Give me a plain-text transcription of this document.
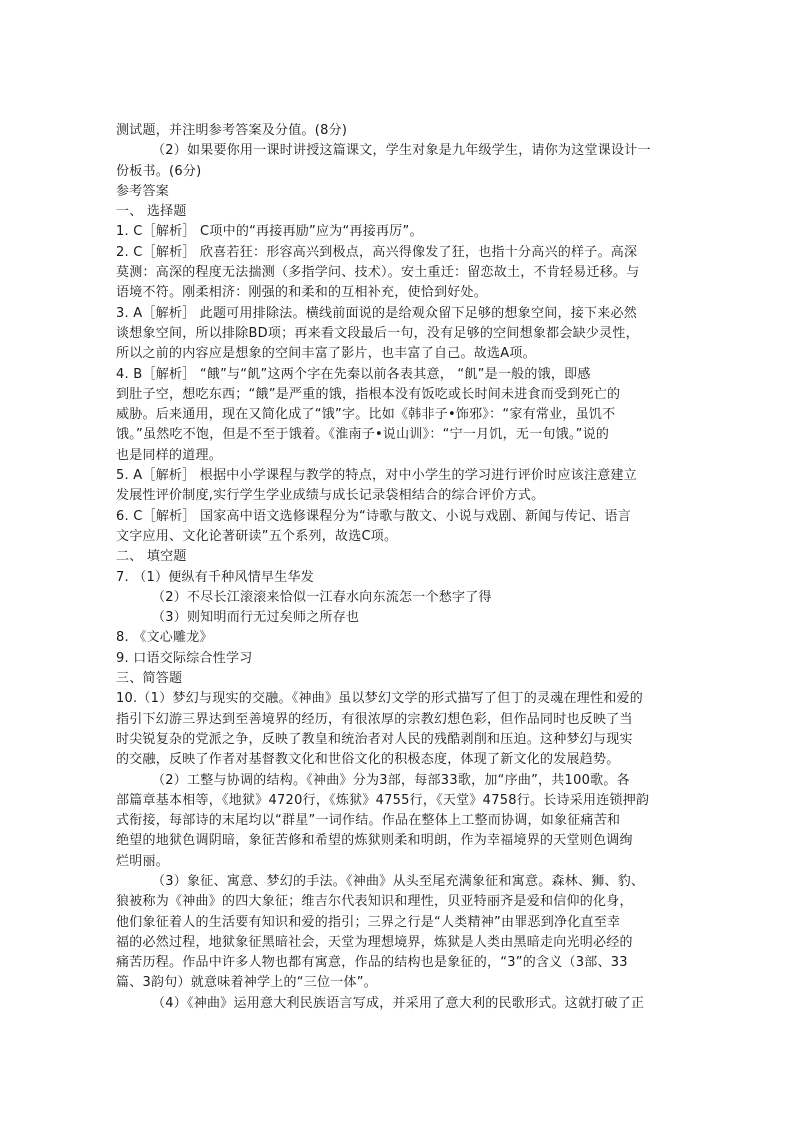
测试题，并注明参考答案及分值。(8分)
（2）如果要你用一课时讲授这篇课文，学生对象是九年级学生，请你为这堂课设计一
份板书。(6分)
参考答案
一、 选择题
1. C［解析］ C项中的“再接再励”应为“再接再厉”。
2. C［解析］ 欣喜若狂：形容高兴到极点，高兴得像发了狂，也指十分高兴的样子。高深
莫测：高深的程度无法揣测（多指学问、技术）。安土重迁：留恋故土，不肯轻易迁移。与
语境不符。刚柔相济：刚强的和柔和的互相补充，使恰到好处。
3. A［解析］ 此题可用排除法。横线前面说的是给观众留下足够的想象空间，接下来必然
谈想象空间，所以排除BD项；再来看文段最后一句，没有足够的空间想象都会缺少灵性，
所以之前的内容应是想象的空间丰富了影片，也丰富了自己。故选A项。
4. B［解析］ “餓”与“飢”这两个字在先秦以前各表其意， “飢”是一般的饿，即感
到肚子空，想吃东西；“餓”是严重的饿，指根本没有饭吃或长时间未进食而受到死亡的
威胁。后来通用，现在又简化成了“饿”字。比如《韩非子•饰邪》：“家有常业，虽饥不
饿。”虽然吃不饱，但是不至于饿着。《淮南子•说山训》：“宁一月饥，无一旬饿。”说的
也是同样的道理。
5. A［解析］ 根据中小学课程与教学的特点，对中小学生的学习进行评价时应该注意建立
发展性评价制度,实行学生学业成绩与成长记录袋相结合的综合评价方式。
6. C［解析］ 国家高中语文选修课程分为“诗歌与散文、小说与戏剧、新闻与传记、语言
文字应用、文化论著研读”五个系列，故选C项。
二、 填空题
7. （1）便纵有千种风情早生华发
（2）不尽长江滚滚来恰似一江春水向东流怎一个愁字了得
（3）则知明而行无过矣师之所存也
8. 《文心雕龙》
9. 口语交际综合性学习
三、简答题
10.（1）梦幻与现实的交融。《神曲》虽以梦幻文学的形式描写了但丁的灵魂在理性和爱的
指引下幻游三界达到至善境界的经历，有很浓厚的宗教幻想色彩，但作品同时也反映了当
时尖锐复杂的党派之争，反映了教皇和统治者对人民的残酷剥削和压迫。这种梦幻与现实
的交融，反映了作者对基督教文化和世俗文化的积极态度，体现了新文化的发展趋势。
（2）工整与协调的结构。《神曲》分为3部，每部33歌，加“序曲”，共100歌。各
部篇章基本相等，《地狱》4720行，《炼狱》4755行，《天堂》4758行。长诗采用连锁押韵
式衔接，每部诗的末尾均以“群星”一词作结。作品在整体上工整而协调，如象征痛苦和
绝望的地狱色调阴暗，象征苦修和希望的炼狱则柔和明朗，作为幸福境界的天堂则色调绚
烂明丽。
（3）象征、寓意、梦幻的手法。《神曲》从头至尾充满象征和寓意。森林、狮、豹、
狼被称为《神曲》的四大象征；维吉尔代表知识和理性，贝亚特丽齐是爱和信仰的化身，
他们象征着人的生活要有知识和爱的指引；三界之行是“人类精神”由罪恶到净化直至幸
福的必然过程，地狱象征黑暗社会，天堂为理想境界，炼狱是人类由黑暗走向光明必经的
痛苦历程。作品中许多人物也都有寓意，作品的结构也是象征的，“3”的含义（3部、33
篇、3韵句）就意味着神学上的“三位一体”。
（4）《神曲》运用意大利民族语言写成，并采用了意大利的民歌形式。这就打破了正
